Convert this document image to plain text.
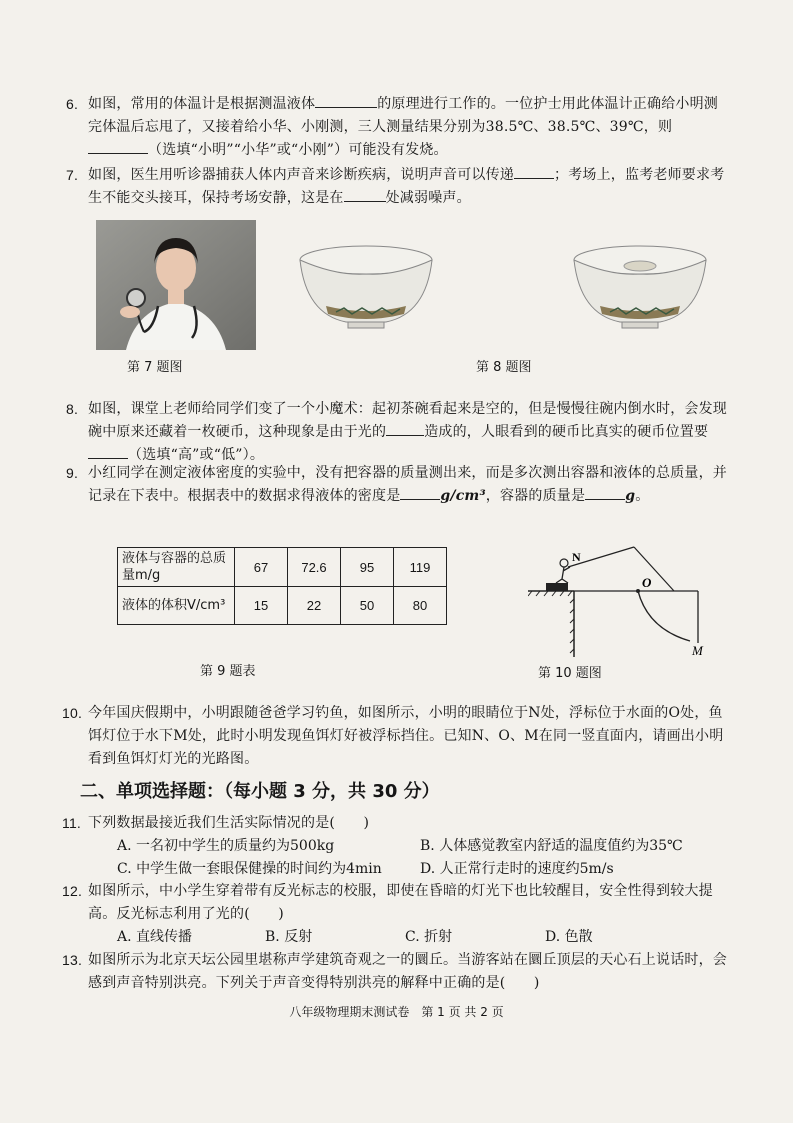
6. 如图，常用的体温计是根据测温液体	的原理进行工作的。一位护士用此体温计正确给小明测完体温后忘甩了，又接着给小华、小刚测，三人测量结果分别为38.5℃、38.5℃、39℃，则（选填“小明”“小华”或“小刚”）可能没有发烧。
7. 如图，医生用听诊器捕获人体内声音来诊断疾病，说明声音可以传递	；考场上，监考老师要求考生不能交头接耳，保持考场安静，这是在	处减弱噪声。
第 7 题图	第 8 题图
8. 如图，课堂上老师给同学们变了一个小魔术：起初茶碗看起来是空的，但是慢慢往碗内倒水时，会发现碗中原来还藏着一枚硬币，这种现象是由于光的	造成的，人眼看到的硬币比真实的硬币位置要（选填“高”或“低”）。
9. 小红同学在测定液体密度的实验中，没有把容器的质量测出来，而是多次测出容器和液体的总质量，并记录在下表中。根据表中的数据求得液体的密度是	g/cm³，容器的质量是	g。
液体与容器的总质量m/g	67	72.6	95	119
液体的体积V/cm³	15	22	50	80
第 9 题表
N
O
M
第 10 题图
10. 今年国庆假期中，小明跟随爸爸学习钓鱼，如图所示，小明的眼睛位于N处，浮标位于水面的O处，鱼饵灯位于水下M处，此时小明发现鱼饵灯好被浮标挡住。已知N、O、M在同一竖直面内，请画出小明看到鱼饵灯灯光的光路图。
二、单项选择题：（每小题 3 分，共 30 分）
11. 下列数据最接近我们生活实际情况的是(　　)
A. 一名初中学生的质量约为500kg	B. 人体感觉教室内舒适的温度值约为35℃
C. 中学生做一套眼保健操的时间约为4min	D. 人正常行走时的速度约5m/s
12. 如图所示，中小学生穿着带有反光标志的校服，即使在昏暗的灯光下也比较醒目，安全性得到较大提高。反光标志利用了光的(　　)
A. 直线传播	B. 反射	C. 折射	D. 色散
13. 如图所示为北京天坛公园里堪称声学建筑奇观之一的圜丘。当游客站在圜丘顶层的天心石上说话时，会感到声音特别洪亮。下列关于声音变得特别洪亮的解释中正确的是(　　)
八年级物理期末测试卷　第 1 页 共 2 页
